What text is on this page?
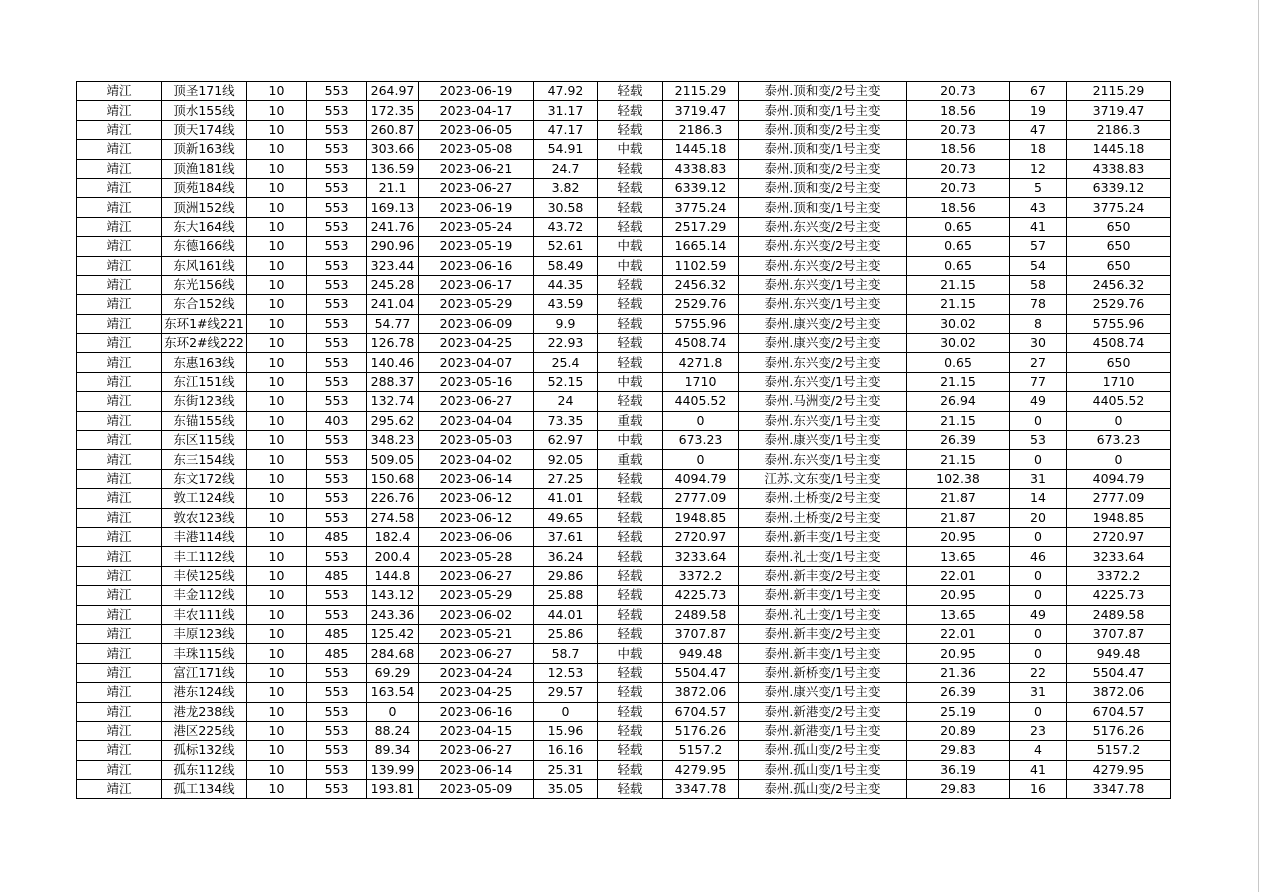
靖江	顶圣171线	10	553	264.97	2023-06-19	47.92	轻载	2115.29	泰州.顶和变/2号主变	20.73	67	2115.29
靖江	顶水155线	10	553	172.35	2023-04-17	31.17	轻载	3719.47	泰州.顶和变/1号主变	18.56	19	3719.47
靖江	顶天174线	10	553	260.87	2023-06-05	47.17	轻载	2186.3	泰州.顶和变/2号主变	20.73	47	2186.3
靖江	顶新163线	10	553	303.66	2023-05-08	54.91	中载	1445.18	泰州.顶和变/1号主变	18.56	18	1445.18
靖江	顶渔181线	10	553	136.59	2023-06-21	24.7	轻载	4338.83	泰州.顶和变/2号主变	20.73	12	4338.83
靖江	顶苑184线	10	553	21.1	2023-06-27	3.82	轻载	6339.12	泰州.顶和变/2号主变	20.73	5	6339.12
靖江	顶洲152线	10	553	169.13	2023-06-19	30.58	轻载	3775.24	泰州.顶和变/1号主变	18.56	43	3775.24
靖江	东大164线	10	553	241.76	2023-05-24	43.72	轻载	2517.29	泰州.东兴变/2号主变	0.65	41	650
靖江	东德166线	10	553	290.96	2023-05-19	52.61	中载	1665.14	泰州.东兴变/2号主变	0.65	57	650
靖江	东风161线	10	553	323.44	2023-06-16	58.49	中载	1102.59	泰州.东兴变/2号主变	0.65	54	650
靖江	东光156线	10	553	245.28	2023-06-17	44.35	轻载	2456.32	泰州.东兴变/1号主变	21.15	58	2456.32
靖江	东合152线	10	553	241.04	2023-05-29	43.59	轻载	2529.76	泰州.东兴变/1号主变	21.15	78	2529.76
靖江	东环1#线221	10	553	54.77	2023-06-09	9.9	轻载	5755.96	泰州.康兴变/2号主变	30.02	8	5755.96
靖江	东环2#线222	10	553	126.78	2023-04-25	22.93	轻载	4508.74	泰州.康兴变/2号主变	30.02	30	4508.74
靖江	东惠163线	10	553	140.46	2023-04-07	25.4	轻载	4271.8	泰州.东兴变/2号主变	0.65	27	650
靖江	东江151线	10	553	288.37	2023-05-16	52.15	中载	1710	泰州.东兴变/1号主变	21.15	77	1710
靖江	东街123线	10	553	132.74	2023-06-27	24	轻载	4405.52	泰州.马洲变/2号主变	26.94	49	4405.52
靖江	东锚155线	10	403	295.62	2023-04-04	73.35	重载	0	泰州.东兴变/1号主变	21.15	0	0
靖江	东区115线	10	553	348.23	2023-05-03	62.97	中载	673.23	泰州.康兴变/1号主变	26.39	53	673.23
靖江	东三154线	10	553	509.05	2023-04-02	92.05	重载	0	泰州.东兴变/1号主变	21.15	0	0
靖江	东文172线	10	553	150.68	2023-06-14	27.25	轻载	4094.79	江苏.文东变/1号主变	102.38	31	4094.79
靖江	敦工124线	10	553	226.76	2023-06-12	41.01	轻载	2777.09	泰州.土桥变/2号主变	21.87	14	2777.09
靖江	敦农123线	10	553	274.58	2023-06-12	49.65	轻载	1948.85	泰州.土桥变/2号主变	21.87	20	1948.85
靖江	丰港114线	10	485	182.4	2023-06-06	37.61	轻载	2720.97	泰州.新丰变/1号主变	20.95	0	2720.97
靖江	丰工112线	10	553	200.4	2023-05-28	36.24	轻载	3233.64	泰州.礼士变/1号主变	13.65	46	3233.64
靖江	丰侯125线	10	485	144.8	2023-06-27	29.86	轻载	3372.2	泰州.新丰变/2号主变	22.01	0	3372.2
靖江	丰金112线	10	553	143.12	2023-05-29	25.88	轻载	4225.73	泰州.新丰变/1号主变	20.95	0	4225.73
靖江	丰农111线	10	553	243.36	2023-06-02	44.01	轻载	2489.58	泰州.礼士变/1号主变	13.65	49	2489.58
靖江	丰原123线	10	485	125.42	2023-05-21	25.86	轻载	3707.87	泰州.新丰变/2号主变	22.01	0	3707.87
靖江	丰珠115线	10	485	284.68	2023-06-27	58.7	中载	949.48	泰州.新丰变/1号主变	20.95	0	949.48
靖江	富江171线	10	553	69.29	2023-04-24	12.53	轻载	5504.47	泰州.新桥变/1号主变	21.36	22	5504.47
靖江	港东124线	10	553	163.54	2023-04-25	29.57	轻载	3872.06	泰州.康兴变/1号主变	26.39	31	3872.06
靖江	港龙238线	10	553	0	2023-06-16	0	轻载	6704.57	泰州.新港变/2号主变	25.19	0	6704.57
靖江	港区225线	10	553	88.24	2023-04-15	15.96	轻载	5176.26	泰州.新港变/1号主变	20.89	23	5176.26
靖江	孤标132线	10	553	89.34	2023-06-27	16.16	轻载	5157.2	泰州.孤山变/2号主变	29.83	4	5157.2
靖江	孤东112线	10	553	139.99	2023-06-14	25.31	轻载	4279.95	泰州.孤山变/1号主变	36.19	41	4279.95
靖江	孤工134线	10	553	193.81	2023-05-09	35.05	轻载	3347.78	泰州.孤山变/2号主变	29.83	16	3347.78
